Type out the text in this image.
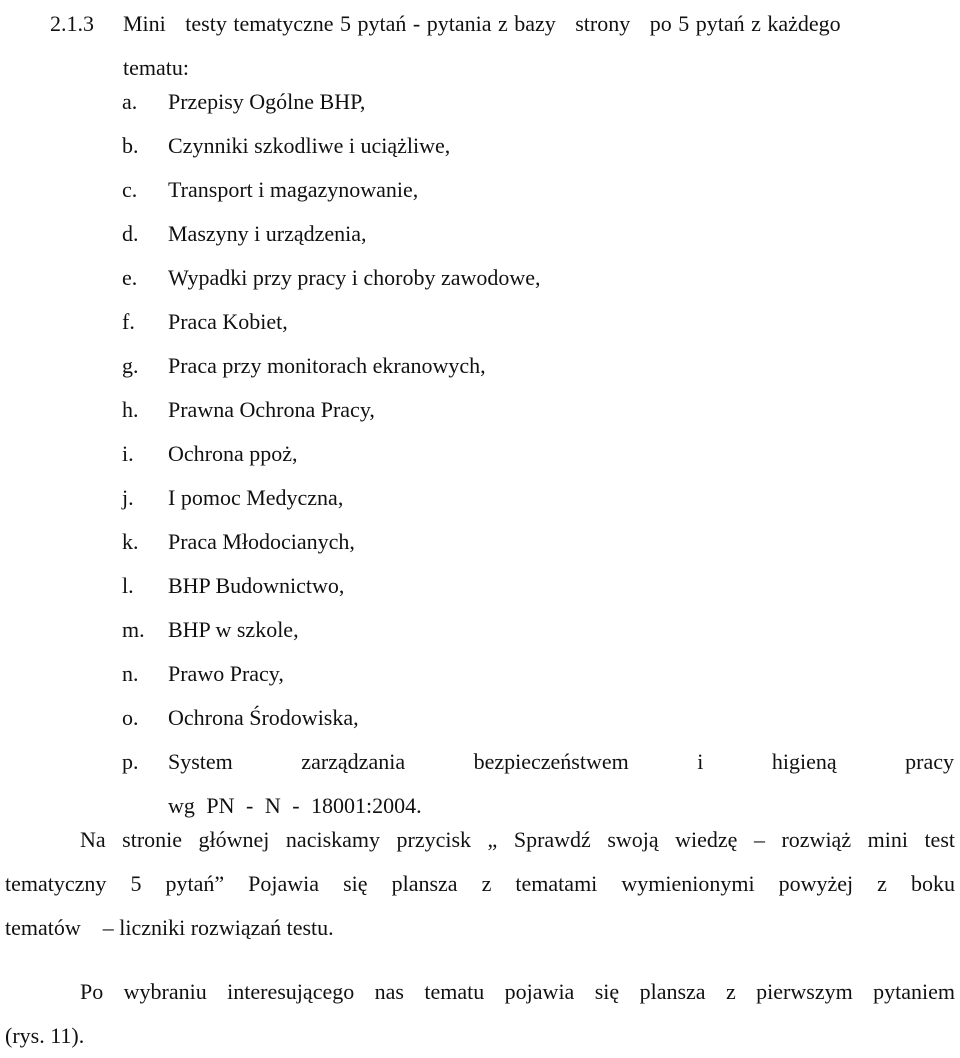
2.1.3 Mini   testy tematyczne 5 pytań - pytania z bazy   strony   po 5 pytań z każdego
tematu:
a. Przepisy Ogólne BHP,
b. Czynniki szkodliwe i uciążliwe,
c. Transport i magazynowanie,
d. Maszyny i urządzenia,
e. Wypadki przy pracy i choroby zawodowe,
f. Praca Kobiet,
g. Praca przy monitorach ekranowych,
h. Prawna Ochrona Pracy,
i. Ochrona ppoż,
j. I pomoc Medyczna,
k. Praca Młodocianych,
l. BHP Budownictwo,
m. BHP w szkole,
n. Prawo Pracy,
o. Ochrona Środowiska,
p. System zarządzania bezpieczeństwem i higieną pracy
wg PN - N - 18001:2004.
Na stronie głównej naciskamy przycisk „ Sprawdź swoją wiedzę – rozwiąż mini test
tematyczny 5 pytań” Pojawia się plansza z tematami wymienionymi powyżej z boku
tematów    – liczniki rozwiązań testu.
Po wybraniu interesującego nas tematu pojawia się plansza z pierwszym pytaniem
(rys. 11).
